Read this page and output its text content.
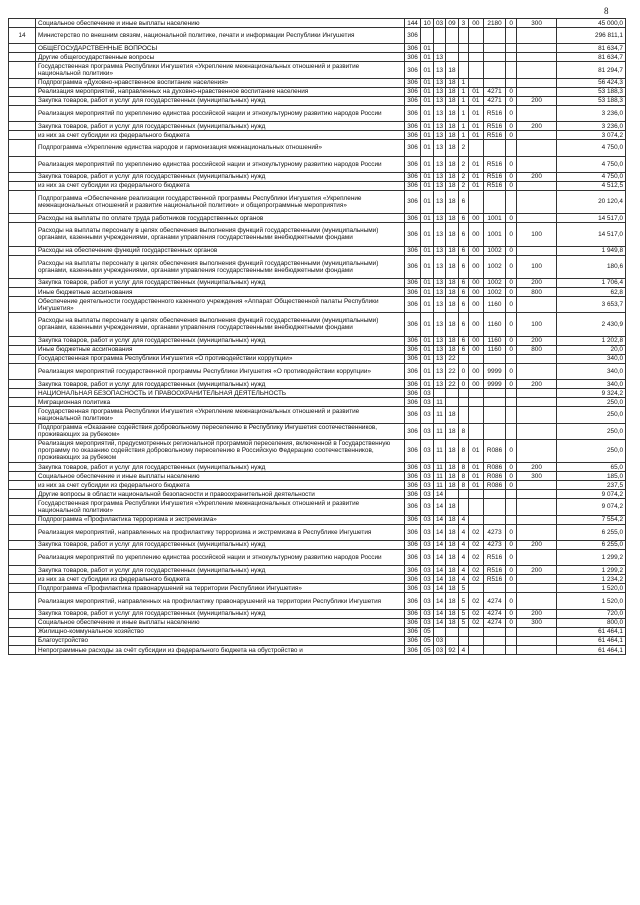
8
	Социальное обеспечение и иные выплаты населению	144	10	03	09	3	00	2180	0	300	45 000,0
14	Министерство по внешним связям, национальной политике, печати и информации Республики Ингушетия	306									296 811,1
	ОБЩЕГОСУДАРСТВЕННЫЕ ВОПРОСЫ	306	01								81 634,7
	Другие общегосударственные вопросы	306	01	13							81 634,7
	Государственная программа Республики Ингушетия «Укрепление межнациональных отношений и развитие национальной политики»	306	01	13	18						81 294,7
	Подпрограмма «Духовно-нравственное воспитание населения»	306	01	13	18	1					56 424,3
	Реализация мероприятий, направленных на духовно-нравственное воспитание населения	306	01	13	18	1	01	4271	0		53 188,3
	Закупка товаров, работ и услуг для государственных (муниципальных) нужд	306	01	13	18	1	01	4271	0	200	53 188,3
	Реализация мероприятий по укреплению единства российской нации и этнокультурному развитию народов России	306	01	13	18	1	01	R516	0		3 236,0
	Закупка товаров, работ и услуг для государственных (муниципальных) нужд	306	01	13	18	1	01	R516	0	200	3 236,0
	из них за счет субсидии из федерального бюджета	306	01	13	18	1	01	R516	0		3 074,2
	Подпрограмма «Укрепление единства народов и гармонизация межнациональных отношений»	306	01	13	18	2					4 750,0
	Реализация мероприятий по укреплению единства российской нации и этнокультурному развитию народов России	306	01	13	18	2	01	R516	0		4 750,0
	Закупка товаров, работ и услуг для государственных (муниципальных) нужд	306	01	13	18	2	01	R516	0	200	4 750,0
	из них за счет субсидии из федерального бюджета	306	01	13	18	2	01	R516	0		4 512,5
	Подпрограмма «Обеспечение реализации государственной программы Республики Ингушетия «Укрепление межнациональных отношений и развитие национальной политики» и общепрограммные мероприятия»	306	01	13	18	6					20 120,4
	Расходы на выплаты по оплате труда работников государственных органов	306	01	13	18	6	00	1001	0		14 517,0
	Расходы на выплаты персоналу в целях обеспечения выполнения функций государственными (муниципальными) органами, казенными учреждениями, органами управления государственными внебюджетными фондами	306	01	13	18	6	00	1001	0	100	14 517,0
	Расходы на обеспечение функций государственных органов	306	01	13	18	6	00	1002	0		1 949,8
	Расходы на выплаты персоналу в целях обеспечения выполнения функций государственными (муниципальными) органами, казенными учреждениями, органами управления государственными внебюджетными фондами	306	01	13	18	6	00	1002	0	100	180,6
	Закупка товаров, работ и услуг для государственных (муниципальных) нужд	306	01	13	18	6	00	1002	0	200	1 706,4
	Иные бюджетные ассигнования	306	01	13	18	6	00	1002	0	800	62,8
	Обеспечение деятельности государственного казенного учреждения «Аппарат Общественной палаты Республики Ингушетия»	306	01	13	18	6	00	1160	0		3 653,7
	Расходы на выплаты персоналу в целях обеспечения выполнения функций государственными (муниципальными) органами, казенными учреждениями, органами управления государственными внебюджетными фондами	306	01	13	18	6	00	1160	0	100	2 430,9
	Закупка товаров, работ и услуг для государственных (муниципальных) нужд	306	01	13	18	6	00	1160	0	200	1 202,8
	Иные бюджетные ассигнования	306	01	13	18	6	00	1160	0	800	20,0
	Государственная программа Республики Ингушетия «О противодействии коррупции»	306	01	13	22						340,0
	Реализация мероприятий государственной программы Республики Ингушетия «О противодействии коррупции»	306	01	13	22	0	00	9999	0		340,0
	Закупка товаров, работ и услуг для государственных (муниципальных) нужд	306	01	13	22	0	00	9999	0	200	340,0
	НАЦИОНАЛЬНАЯ БЕЗОПАСНОСТЬ И ПРАВООХРАНИТЕЛЬНАЯ ДЕЯТЕЛЬНОСТЬ	306	03								9 324,2
	Миграционная политика	306	03	11							250,0
	Государственная программа Республики Ингушетия «Укрепление межнациональных отношений и развитие национальной политики»	306	03	11	18						250,0
	Подпрограмма «Оказание содействия добровольному переселению в Республику Ингушетия соотечественников, проживающих за рубежом»	306	03	11	18	8					250,0
	Реализация мероприятий, предусмотренных региональной программой переселения, включенной в Государственную программу по оказанию содействия добровольному переселению в Российскую Федерацию соотечественников, проживающих за рубежом	306	03	11	18	8	01	R086	0		250,0
	Закупка товаров, работ и услуг для государственных (муниципальных) нужд	306	03	11	18	8	01	R086	0	200	65,0
	Социальное обеспечение и иные выплаты населению	306	03	11	18	8	01	R086	0	300	185,0
	из них за счет субсидии из федерального бюджета	306	03	11	18	8	01	R086	0		237,5
	Другие вопросы в области национальной безопасности и правоохранительной деятельности	306	03	14							9 074,2
	Государственная программа Республики Ингушетия «Укрепление межнациональных отношений и развитие национальной политики»	306	03	14	18						9 074,2
	Подпрограмма «Профилактика терроризма и экстремизма»	306	03	14	18	4					7 554,2
	Реализация мероприятий, направленных на профилактику терроризма и экстремизма в Республике Ингушетия	306	03	14	18	4	02	4273	0		6 255,0
	Закупка товаров, работ и услуг для государственных (муниципальных) нужд	306	03	14	18	4	02	4273	0	200	6 255,0
	Реализация мероприятий по укреплению единства российской нации и этнокультурному развитию народов России	306	03	14	18	4	02	R516	0		1 299,2
	Закупка товаров, работ и услуг для государственных (муниципальных) нужд	306	03	14	18	4	02	R516	0	200	1 299,2
	из них за счет субсидии из федерального бюджета	306	03	14	18	4	02	R516	0		1 234,2
	Подпрограмма «Профилактика правонарушений на территории Республики Ингушетия»	306	03	14	18	5					1 520,0
	Реализация мероприятий, направленных на профилактику правонарушений на территории Республики Ингушетия	306	03	14	18	5	02	4274	0		1 520,0
	Закупка товаров, работ и услуг для государственных (муниципальных) нужд	306	03	14	18	5	02	4274	0	200	720,0
	Социальное обеспечение и иные выплаты населению	306	03	14	18	5	02	4274	0	300	800,0
	Жилищно-коммунальное хозяйство	306	05								61 464,1
	Благоустройство	306	05	03							61 464,1
	Непрограммные расходы за счёт субсидии из федерального бюджета на обустройство и	306	05	03	92	4					61 464,1
